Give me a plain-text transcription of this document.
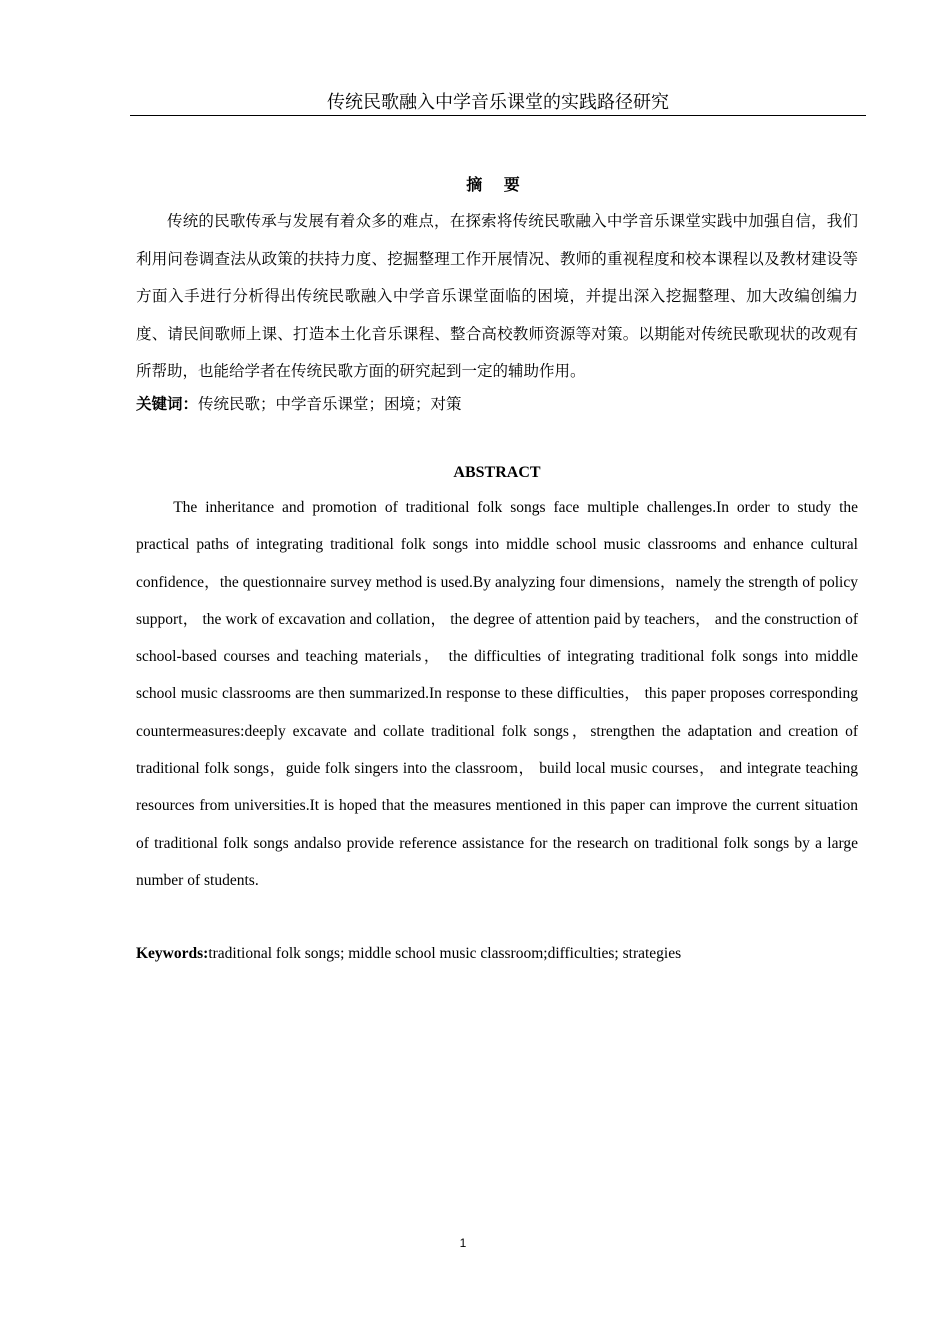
传统民歌融入中学音乐课堂的实践路径研究
摘 要

传统的民歌传承与发展有着众多的难点，在探索将传统民歌融入中学音乐课堂实践中加强自信，我们利用问卷调查法从政策的扶持力度、挖掘整理工作开展情况、教师的重视程度和校本课程以及教材建设等方面入手进行分析得出传统民歌融入中学音乐课堂面临的困境，并提出深入挖掘整理、加大改编创编力度、请民间歌师上课、打造本土化音乐课程、整合高校教师资源等对策。以期能对传统民歌现状的改观有所帮助，也能给学者在传统民歌方面的研究起到一定的辅助作用。

关键词：传统民歌；中学音乐课堂；困境；对策

ABSTRACT

The inheritance and promotion of traditional folk songs face multiple challenges.In order to study the practical paths of integrating traditional folk songs into middle school music classrooms and enhance cultural confidence，the questionnaire survey method is used.By analyzing four dimensions，namely the strength of policy support， the work of excavation and collation， the degree of attention paid by teachers， and the construction of school-based courses and teaching materials， the difficulties of integrating traditional folk songs into middle school music classrooms are then summarized.In response to these difficulties， this paper proposes corresponding countermeasures:deeply excavate and collate traditional folk songs，strengthen the adaptation and creation of traditional folk songs，guide folk singers into the classroom， build local music courses， and integrate teaching resources from universities.It is hoped that the measures mentioned in this paper can improve the current situation of traditional folk songs andalso provide reference assistance for the research on traditional folk songs by a large number of students.

Keywords:traditional folk songs; middle school music classroom;difficulties; strategies

1
